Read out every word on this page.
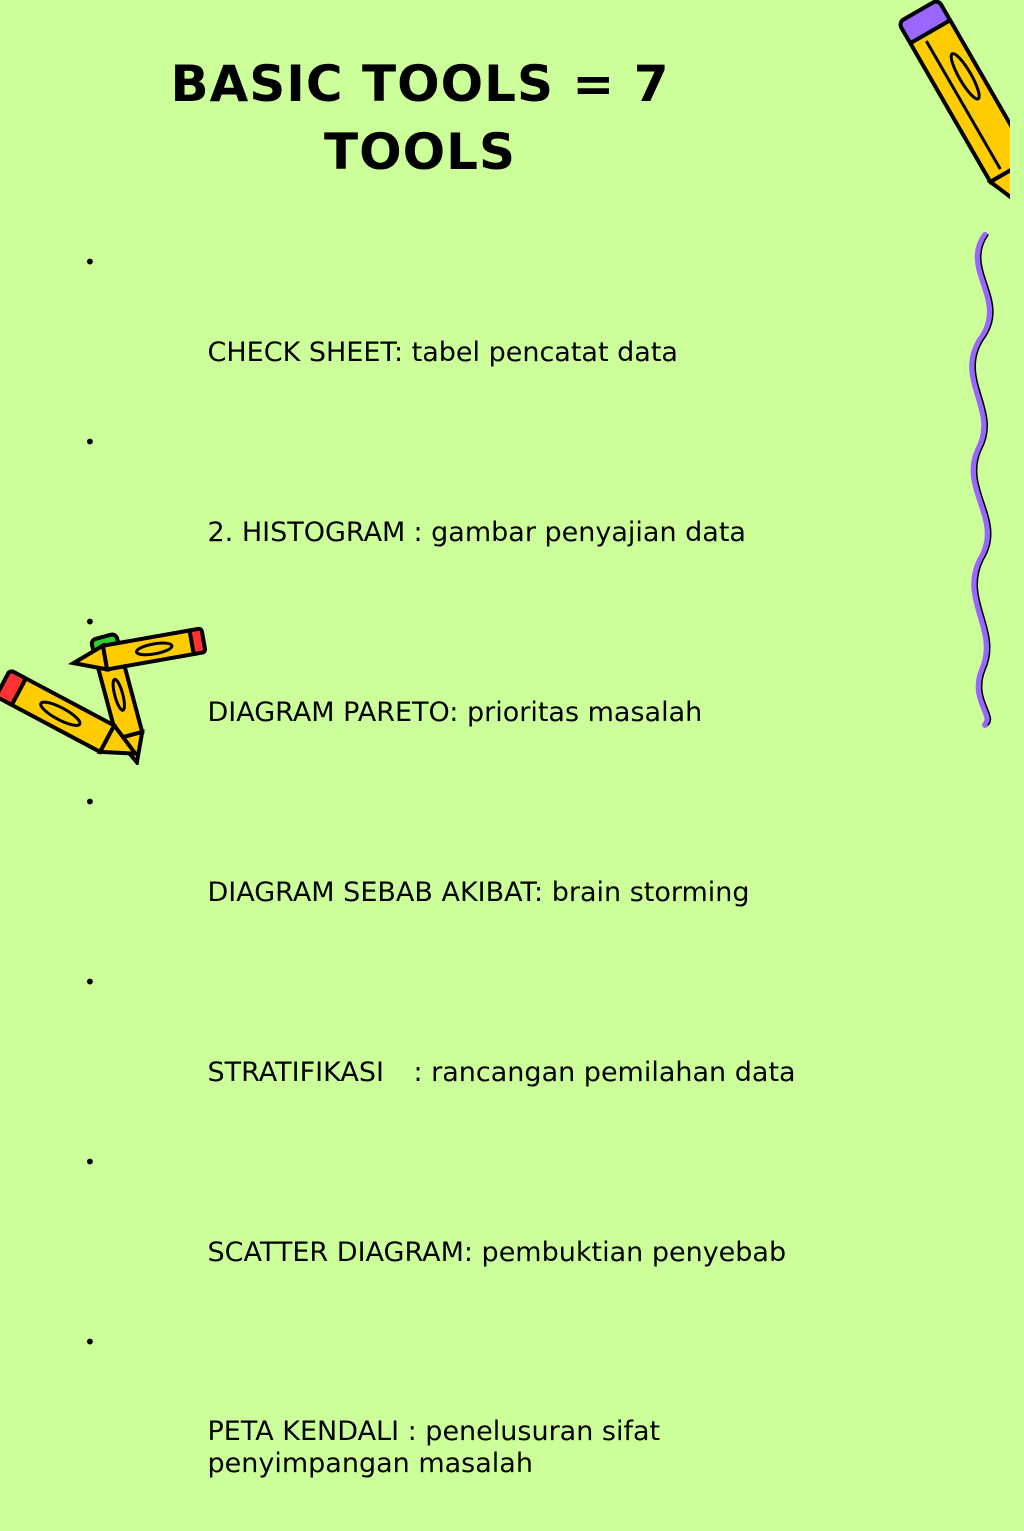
BASIC TOOLS = 7
TOOLS

•

CHECK SHEET: tabel pencatat data

•

2. HISTOGRAM	: gambar penyajian data

•

DIAGRAM PARETO: prioritas masalah

•

DIAGRAM SEBAB AKIBAT: brain storming

•

STRATIFIKASI	: rancangan pemilahan data

•

SCATTER DIAGRAM: pembuktian penyebab

•

PETA KENDALI : penelusuran sifat
penyimpangan masalah
